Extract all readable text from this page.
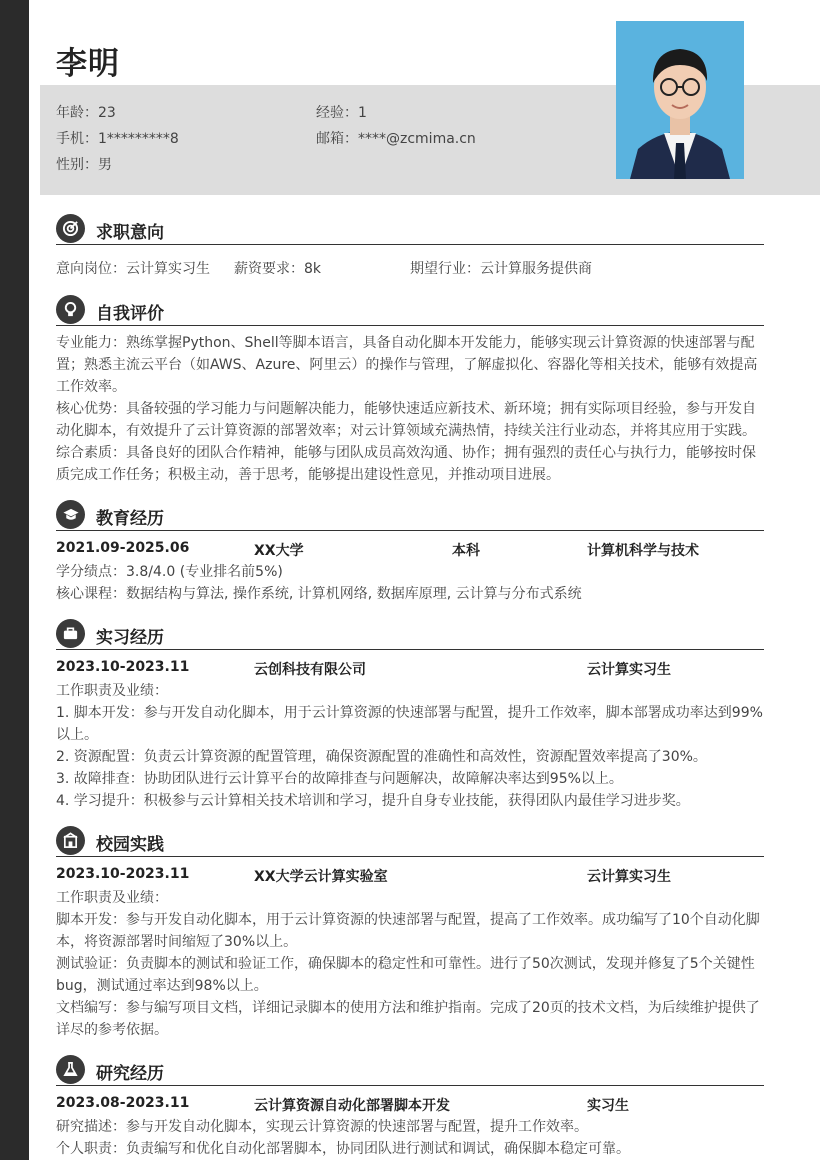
李明
年龄：23	经验：1
手机：1*********8	邮箱：****@zcmima.cn
性别：男
求职意向
意向岗位：云计算实习生 薪资要求：8k	期望行业：云计算服务提供商
自我评价

专业能力：熟练掌握Python、Shell等脚本语言，具备自动化脚本开发能力，能够实现云计算资源的快速部署与配置；熟悉主流云平台（如AWS、Azure、阿里云）的操作与管理，了解虚拟化、容器化等相关技术，能够有效提高工作效率。

核心优势：具备较强的学习能力与问题解决能力，能够快速适应新技术、新环境；拥有实际项目经验，参与开发自动化脚本，有效提升了云计算资源的部署效率；对云计算领域充满热情，持续关注行业动态，并将其应用于实践。

综合素质：具备良好的团队合作精神，能够与团队成员高效沟通、协作；拥有强烈的责任心与执行力，能够按时保质完成工作任务；积极主动，善于思考，能够提出建设性意见，并推动项目进展。

教育经历
2021.09-2025.06	XX大学	本科	计算机科学与技术

学分绩点：3.8/4.0 (专业排名前5%)

核心课程：数据结构与算法, 操作系统, 计算机网络, 数据库原理, 云计算与分布式系统

实习经历
2023.10-2023.11	云创科技有限公司	云计算实习生

工作职责及业绩：

1. 脚本开发：参与开发自动化脚本，用于云计算资源的快速部署与配置，提升工作效率，脚本部署成功率达到99%以上。

2. 资源配置：负责云计算资源的配置管理，确保资源配置的准确性和高效性，资源配置效率提高了30%。

3. 故障排查：协助团队进行云计算平台的故障排查与问题解决，故障解决率达到95%以上。

4. 学习提升：积极参与云计算相关技术培训和学习，提升自身专业技能，获得团队内最佳学习进步奖。

校园实践
2023.10-2023.11	XX大学云计算实验室	云计算实习生

工作职责及业绩：

脚本开发：参与开发自动化脚本，用于云计算资源的快速部署与配置，提高了工作效率。成功编写了10个自动化脚本，将资源部署时间缩短了30%以上。

测试验证：负责脚本的测试和验证工作，确保脚本的稳定性和可靠性。进行了50次测试，发现并修复了5个关键性bug，测试通过率达到98%以上。

文档编写：参与编写项目文档，详细记录脚本的使用方法和维护指南。完成了20页的技术文档，为后续维护提供了详尽的参考依据。

研究经历
2023.08-2023.11	云计算资源自动化部署脚本开发	实习生

研究描述：参与开发自动化脚本，实现云计算资源的快速部署与配置，提升工作效率。

个人职责：负责编写和优化自动化部署脚本，协同团队进行测试和调试，确保脚本稳定可靠。
